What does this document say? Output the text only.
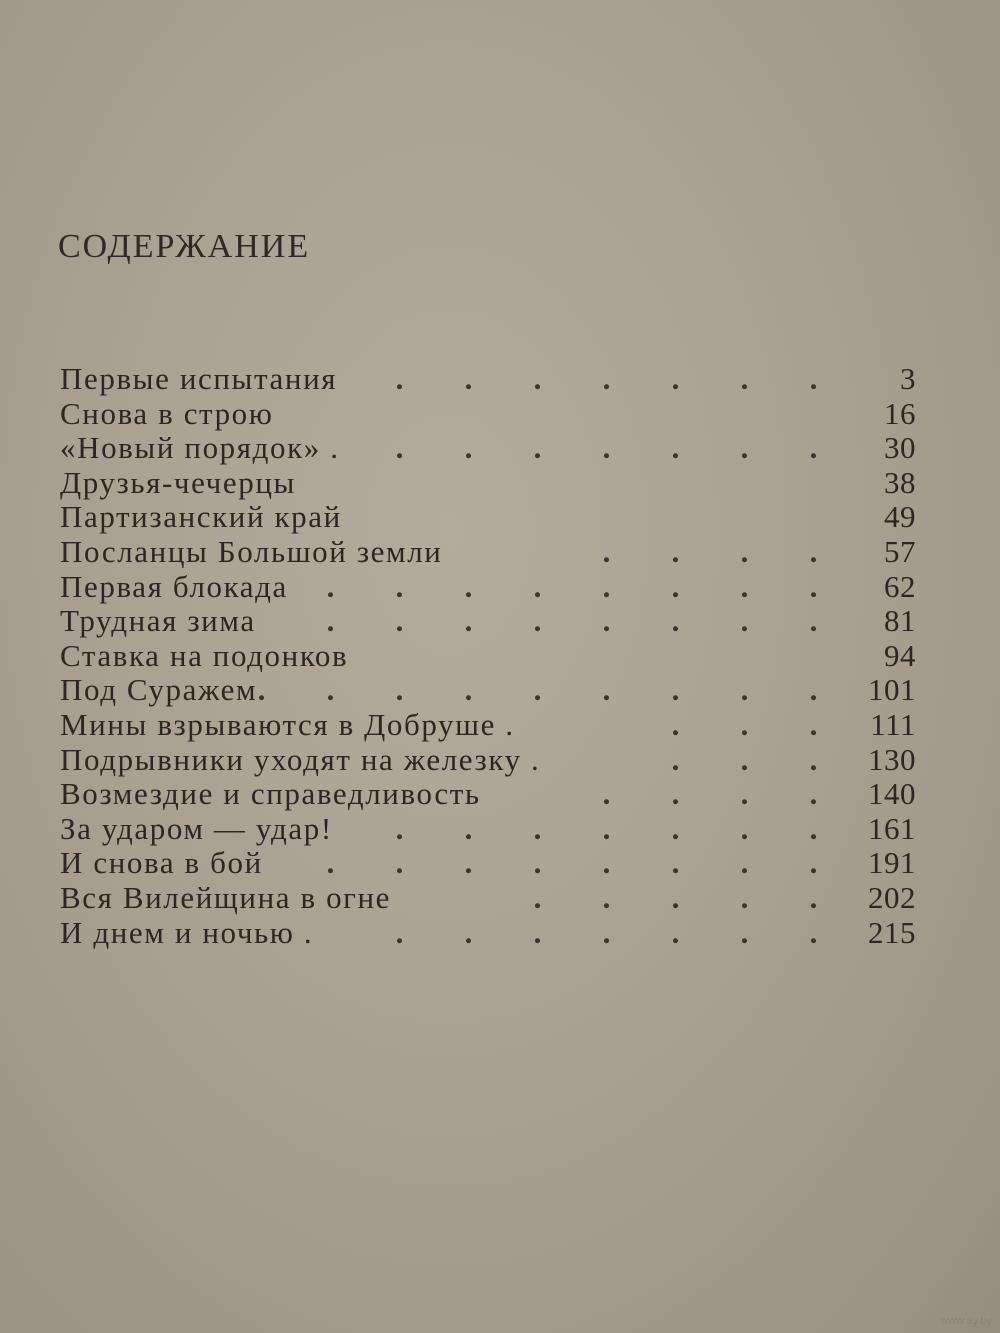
СОДЕРЖАНИЕ
.......
Первые испытания	3
Снова в строю	16
.......
«Новый порядок» .	30
Друзья-чечерцы	38
Партизанский край	49
....
Посланцы Большой земли	57
........
Первая блокада	62
........
Трудная зима	81
Ставка на подонков	94
.........
Под Суражем	101
...
Мины взрываются в Добруше .	111
...
Подрывники уходят на железку .	130
....
Возмездие и справедливость	140
.......
За ударом — удар!	161
........
И снова в бой	191
.....
Вся Вилейщина в огне	202
.......
И днем и ночью .	215
www.ay.by
